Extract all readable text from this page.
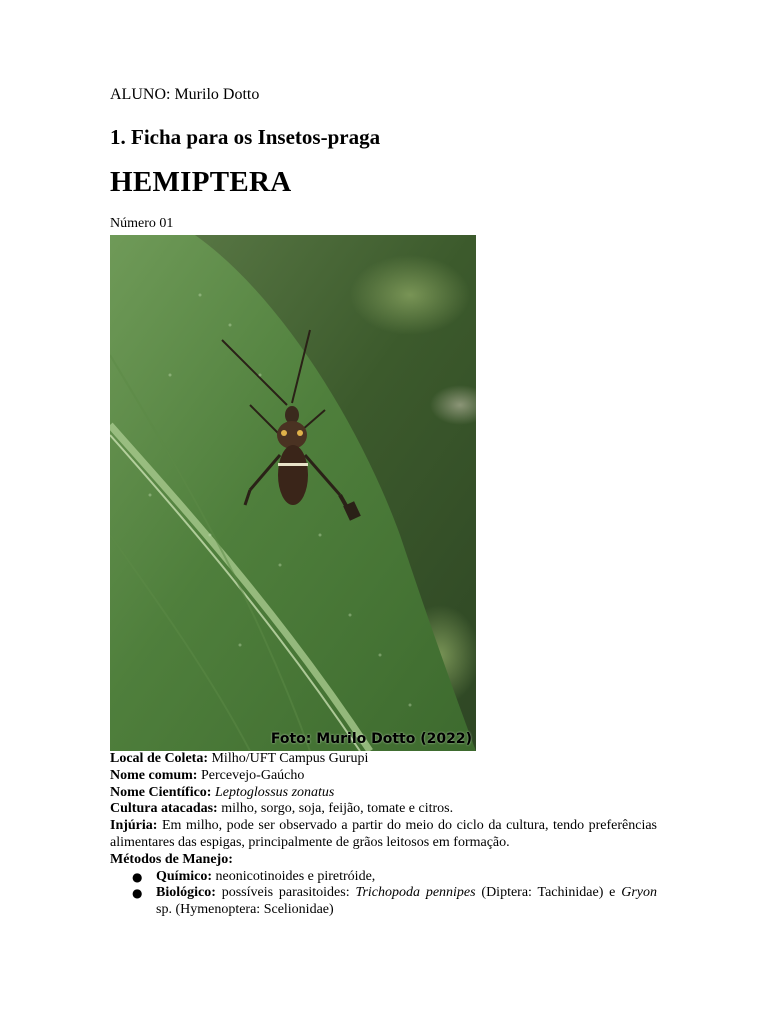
ALUNO: Murilo Dotto
1. Ficha para os Insetos-praga
HEMIPTERA
Número 01
Foto: Murilo Dotto (2022)

Local de Coleta: Milho/UFT Campus Gurupi

Nome comum: Percevejo-Gaúcho

Nome Científico: Leptoglossus zonatus

Cultura atacadas: milho, sorgo, soja, feijão, tomate e citros.

Injúria: Em milho, pode ser observado a partir do meio do ciclo da cultura, tendo preferências alimentares das espigas, principalmente de grãos leitosos em formação.

Métodos de Manejo:

● Químico: neonicotinoides e piretróide,
● Biológico: possíveis parasitoides: Trichopoda pennipes (Diptera: Tachinidae) e Gryon sp. (Hymenoptera: Scelionidae)
